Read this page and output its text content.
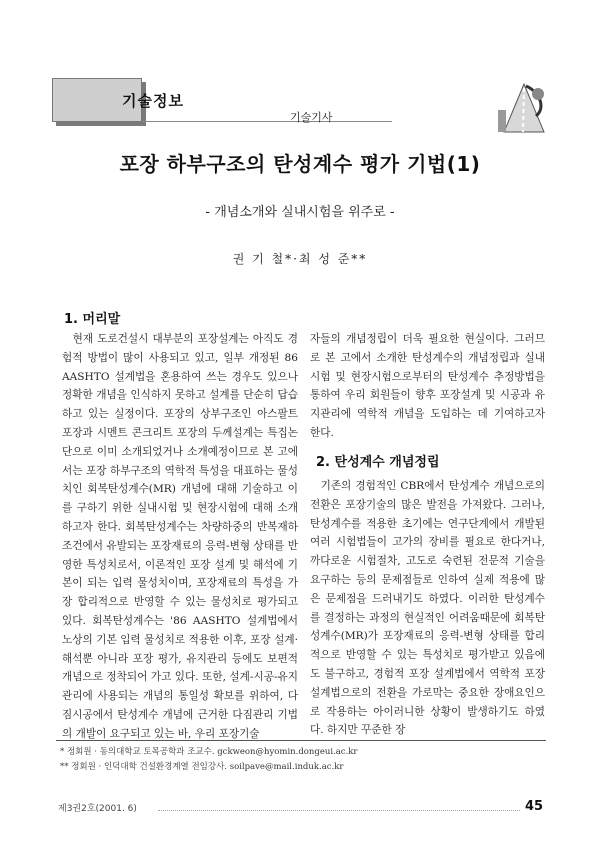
기술정보
기술기사
포장 하부구조의 탄성계수 평가 기법(1)
- 개념소개와 실내시험을 위주로 -
권 기 철*·최 성 준**
1. 머리말

현재 도로건설시 대부분의 포장설계는 아직도 경험적 방법이 많이 사용되고 있고, 일부 개정된 86 AASHTO 설계법을 혼용하여 쓰는 경우도 있으나 정확한 개념을 인식하지 못하고 설계를 단순히 답습하고 있는 실정이다. 포장의 상부구조인 아스팔트 포장과 시멘트 콘크리트 포장의 두께설계는 특집논단으로 이미 소개되었거나 소개예정이므로 본 고에서는 포장 하부구조의 역학적 특성을 대표하는 물성치인 회복탄성계수(MR) 개념에 대해 기술하고 이를 구하기 위한 실내시험 및 현장시험에 대해 소개하고자 한다. 회복탄성계수는 차량하중의 반복재하 조건에서 유발되는 포장재료의 응력-변형 상태를 반영한 특성치로서, 이론적인 포장 설계 및 해석에 기본이 되는 입력 물성치이며, 포장재료의 특성을 가장 합리적으로 반영할 수 있는 물성치로 평가되고 있다. 회복탄성계수는 '86 AASHTO 설계법에서 노상의 기본 입력 물성치로 적용한 이후, 포장 설계·해석뿐 아니라 포장 평가, 유지관리 등에도 보편적 개념으로 정착되어 가고 있다. 또한, 설계-시공-유지관리에 사용되는 개념의 통일성 확보를 위하여, 다짐시공에서 탄성계수 개념에 근거한 다짐관리 기법의 개발이 요구되고 있는 바, 우리 포장기술

자들의 개념정립이 더욱 필요한 현실이다. 그러므로 본 고에서 소개한 탄성계수의 개념정립과 실내시험 및 현장시험으로부터의 탄성계수 추정방법을 통하여 우리 회원들이 향후 포장설계 및 시공과 유지관리에 역학적 개념을 도입하는 데 기여하고자 한다.

2. 탄성계수 개념정립

기존의 경험적인 CBR에서 탄성계수 개념으로의 전환은 포장기술의 많은 발전을 가져왔다. 그러나, 탄성계수를 적용한 초기에는 연구단계에서 개발된 여러 시험법들이 고가의 장비를 필요로 한다거나, 까다로운 시험절차, 고도로 숙련된 전문적 기술을 요구하는 등의 문제점들로 인하여 실제 적용에 많은 문제점을 드러내기도 하였다. 이러한 탄성계수를 결정하는 과정의 현실적인 어려움때문에 회복탄성계수(MR)가 포장재료의 응력-변형 상태를 합리적으로 반영할 수 있는 특성치로 평가받고 있음에도 불구하고, 경험적 포장 설계법에서 역학적 포장 설계법으로의 전환을 가로막는 중요한 장애요인으로 작용하는 아이러니한 상황이 발생하기도 하였다. 하지만 꾸준한 장

* 정회원 · 동의대학교 토목공학과 조교수. gckweon@hyomin.dongeui.ac.kr
** 정회원 · 인덕대학 건설환경계열 전임강사. soilpave@mail.induk.ac.kr
제3권2호(2001. 6)	45
